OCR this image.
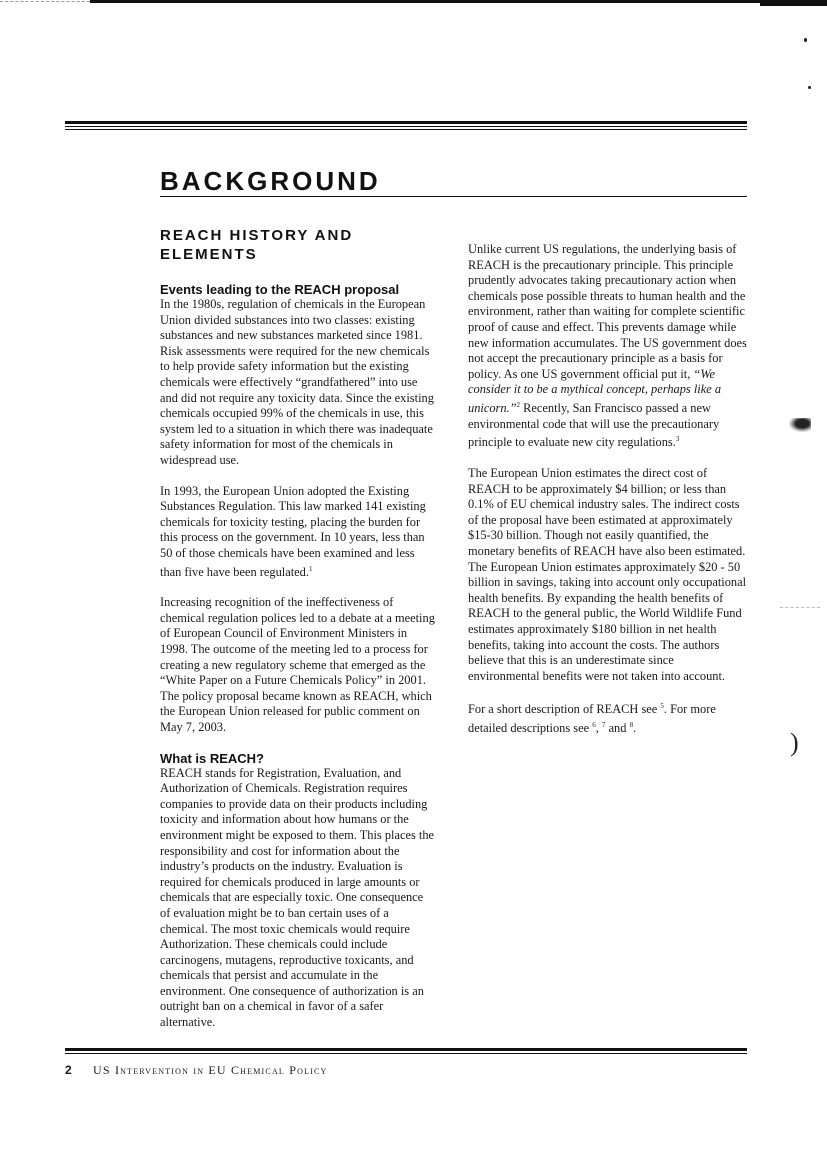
BACKGROUND
REACH HISTORY AND ELEMENTS
Events leading to the REACH proposal

In the 1980s, regulation of chemicals in the European Union divided substances into two classes: existing substances and new substances marketed since 1981. Risk assessments were required for the new chemicals to help provide safety information but the existing chemicals were effectively “grandfathered” into use and did not require any toxicity data. Since the existing chemicals occupied 99% of the chemicals in use, this system led to a situation in which there was inadequate safety information for most of the chemicals in widespread use.

In 1993, the European Union adopted the Existing Substances Regulation. This law marked 141 existing chemicals for toxicity testing, placing the burden for this process on the government. In 10 years, less than 50 of those chemicals have been examined and less than five have been regulated.$^1$

Increasing recognition of the ineffectiveness of chemical regulation polices led to a debate at a meeting of European Council of Environment Ministers in 1998. The outcome of the meeting led to a process for creating a new regulatory scheme that emerged as the “White Paper on a Future Chemicals Policy” in 2001. The policy proposal became known as REACH, which the European Union released for public comment on May 7, 2003.

What is REACH?

REACH stands for Registration, Evaluation, and Authorization of Chemicals. Registration requires companies to provide data on their products including toxicity and information about how humans or the environment might be exposed to them. This places the responsibility and cost for information about the industry’s products on the industry. Evaluation is required for chemicals produced in large amounts or chemicals that are especially toxic. One consequence of evaluation might be to ban certain uses of a chemical. The most toxic chemicals would require Authorization. These chemicals could include carcinogens, mutagens, reproductive toxicants, and chemicals that persist and accumulate in the environment. One consequence of authorization is an outright ban on a chemical in favor of a safer alternative.

Unlike current US regulations, the underlying basis of REACH is the precautionary principle. This principle prudently advocates taking precautionary action when chemicals pose possible threats to human health and the environment, rather than waiting for complete scientific proof of cause and effect. This prevents damage while new information accumulates. The US government does not accept the precautionary principle as a basis for policy. As one US government official put it, “We consider it to be a mythical concept, perhaps like a unicorn.”$^2$ Recently, San Francisco passed a new environmental code that will use the precautionary principle to evaluate new city regulations.$^3$

The European Union estimates the direct cost of REACH to be approximately $4 billion; or less than 0.1% of EU chemical industry sales. The indirect costs of the proposal have been estimated at approximately $15-30 billion. Though not easily quantified, the monetary benefits of REACH have also been estimated. The European Union estimates approximately $20 - 50 billion in savings, taking into account only occupational health benefits. By expanding the health benefits of REACH to the general public, the World Wildlife Fund estimates approximately $180 billion in net health benefits, taking into account the costs. The authors believe that this is an underestimate since environmental benefits were not taken into account.

For a short description of REACH see $^5$. For more detailed descriptions see $^6$, $^7$ and $^8$.	)
2 US Intervention in EU Chemical Policy
